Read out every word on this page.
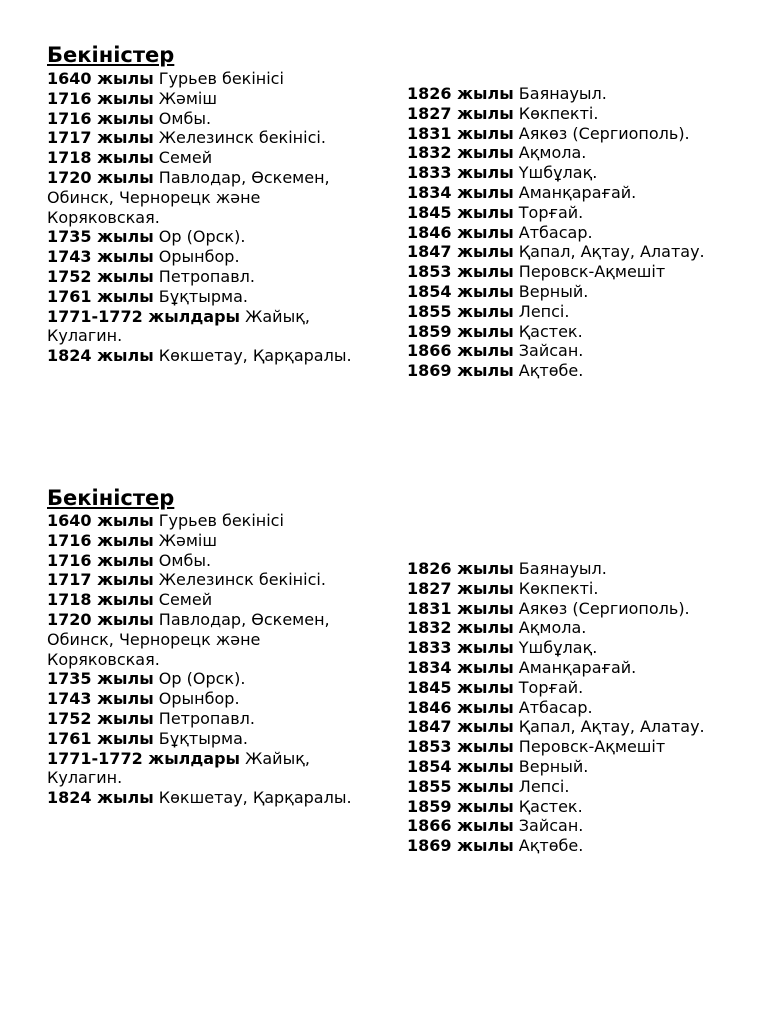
Бекіністер

1640 жылы Гурьев бекінісі

1716 жылы Жәміш

1716 жылы Омбы.

1717 жылы Железинск бекінісі.

1718 жылы Семей

1720 жылы Павлодар, Өскемен, Обинск, Чернорецк және Коряковская.

1735 жылы Ор (Орск).

1743 жылы Орынбор.

1752 жылы Петропавл.

1761 жылы Бұқтырма.

1771-1772 жылдары Жайық, Кулагин.

1824 жылы Көкшетау, Қарқаралы.

1826 жылы Баянауыл.

1827 жылы Көкпекті.

1831 жылы Аякөз (Сергиополь).

1832 жылы Ақмола.

1833 жылы Үшбұлақ.

1834 жылы Аманқарағай.

1845 жылы Торғай.

1846 жылы Атбасар.

1847 жылы Қапал, Ақтау, Алатау.

1853 жылы Перовск-Ақмешіт

1854 жылы Верный.

1855 жылы Лепсі.

1859 жылы Қастек.

1866 жылы Зайсан.

1869 жылы Ақтөбе.

Бекіністер

1640 жылы Гурьев бекінісі

1716 жылы Жәміш

1716 жылы Омбы.

1717 жылы Железинск бекінісі.

1718 жылы Семей

1720 жылы Павлодар, Өскемен, Обинск, Чернорецк және Коряковская.

1735 жылы Ор (Орск).

1743 жылы Орынбор.

1752 жылы Петропавл.

1761 жылы Бұқтырма.

1771-1772 жылдары Жайық, Кулагин.

1824 жылы Көкшетау, Қарқаралы.

1826 жылы Баянауыл.

1827 жылы Көкпекті.

1831 жылы Аякөз (Сергиополь).

1832 жылы Ақмола.

1833 жылы Үшбұлақ.

1834 жылы Аманқарағай.

1845 жылы Торғай.

1846 жылы Атбасар.

1847 жылы Қапал, Ақтау, Алатау.

1853 жылы Перовск-Ақмешіт

1854 жылы Верный.

1855 жылы Лепсі.

1859 жылы Қастек.

1866 жылы Зайсан.

1869 жылы Ақтөбе.
